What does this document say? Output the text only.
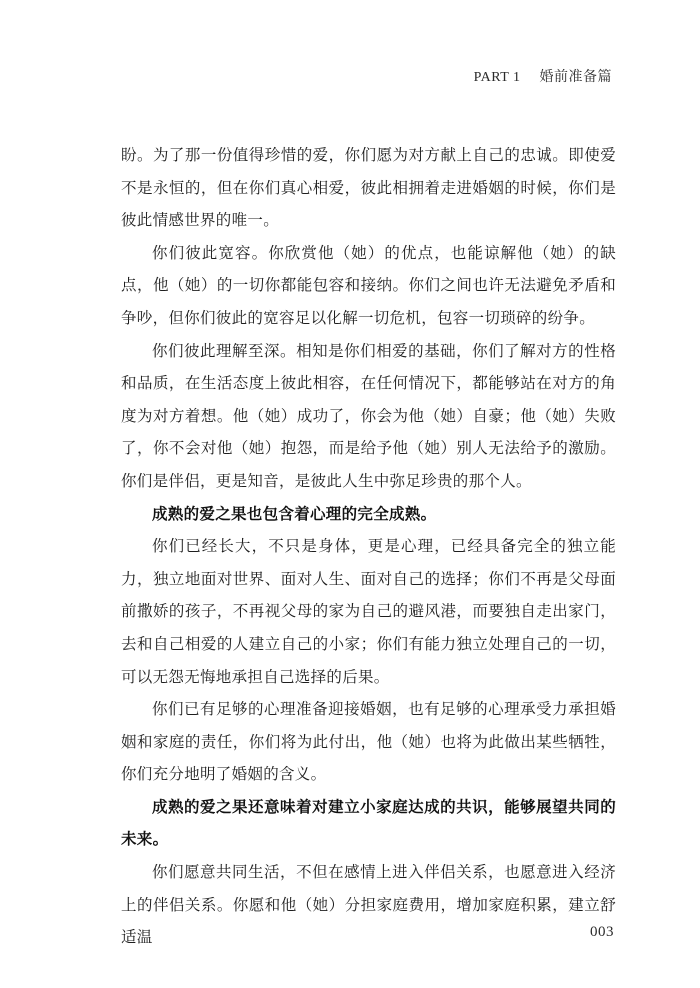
PART 1 婚前准备篇

盼。为了那一份值得珍惜的爱，你们愿为对方献上自己的忠诚。即使爱不是永恒的，但在你们真心相爱，彼此相拥着走进婚姻的时候，你们是彼此情感世界的唯一。

你们彼此宽容。你欣赏他（她）的优点，也能谅解他（她）的缺点，他（她）的一切你都能包容和接纳。你们之间也许无法避免矛盾和争吵，但你们彼此的宽容足以化解一切危机，包容一切琐碎的纷争。

你们彼此理解至深。相知是你们相爱的基础，你们了解对方的性格和品质，在生活态度上彼此相容，在任何情况下，都能够站在对方的角度为对方着想。他（她）成功了，你会为他（她）自豪；他（她）失败了，你不会对他（她）抱怨，而是给予他（她）别人无法给予的激励。你们是伴侣，更是知音，是彼此人生中弥足珍贵的那个人。

成熟的爱之果也包含着心理的完全成熟。

你们已经长大，不只是身体，更是心理，已经具备完全的独立能力，独立地面对世界、面对人生、面对自己的选择；你们不再是父母面前撒娇的孩子，不再视父母的家为自己的避风港，而要独自走出家门，去和自己相爱的人建立自己的小家；你们有能力独立处理自己的一切，可以无怨无悔地承担自己选择的后果。

你们已有足够的心理准备迎接婚姻，也有足够的心理承受力承担婚姻和家庭的责任，你们将为此付出，他（她）也将为此做出某些牺牲，你们充分地明了婚姻的含义。

成熟的爱之果还意味着对建立小家庭达成的共识，能够展望共同的未来。

你们愿意共同生活，不但在感情上进入伴侣关系，也愿意进入经济上的伴侣关系。你愿和他（她）分担家庭费用，增加家庭积累，建立舒适温	003
